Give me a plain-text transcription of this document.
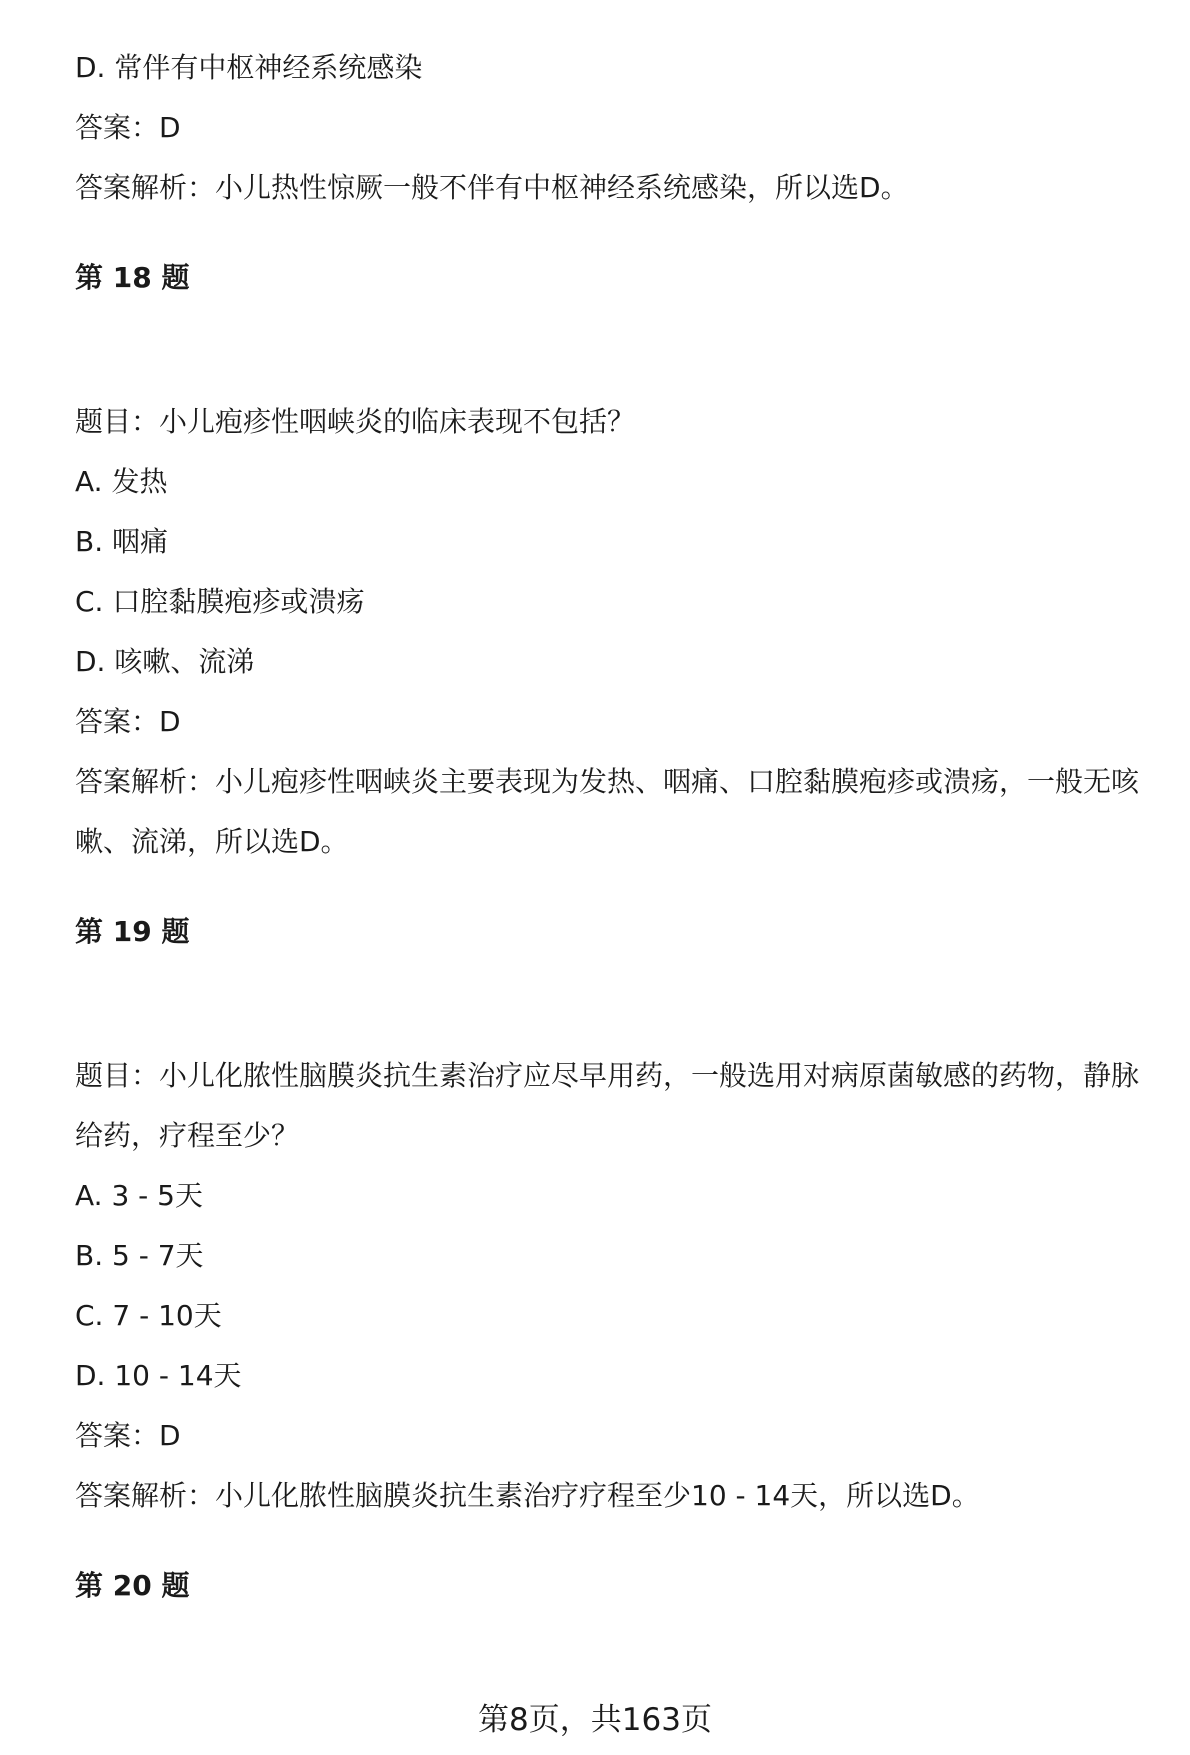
D. 常伴有中枢神经系统感染
答案：D
答案解析：小儿热性惊厥一般不伴有中枢神经系统感染，所以选D。
第 18 题
题目：小儿疱疹性咽峡炎的临床表现不包括？
A. 发热
B. 咽痛
C. 口腔黏膜疱疹或溃疡
D. 咳嗽、流涕
答案：D
答案解析：小儿疱疹性咽峡炎主要表现为发热、咽痛、口腔黏膜疱疹或溃疡，一般无咳嗽、流涕，所以选D。
第 19 题
题目：小儿化脓性脑膜炎抗生素治疗应尽早用药，一般选用对病原菌敏感的药物，静脉给药，疗程至少？
A. 3 - 5天
B. 5 - 7天
C. 7 - 10天
D. 10 - 14天
答案：D
答案解析：小儿化脓性脑膜炎抗生素治疗疗程至少10 - 14天，所以选D。
第 20 题
第8页，共163页
